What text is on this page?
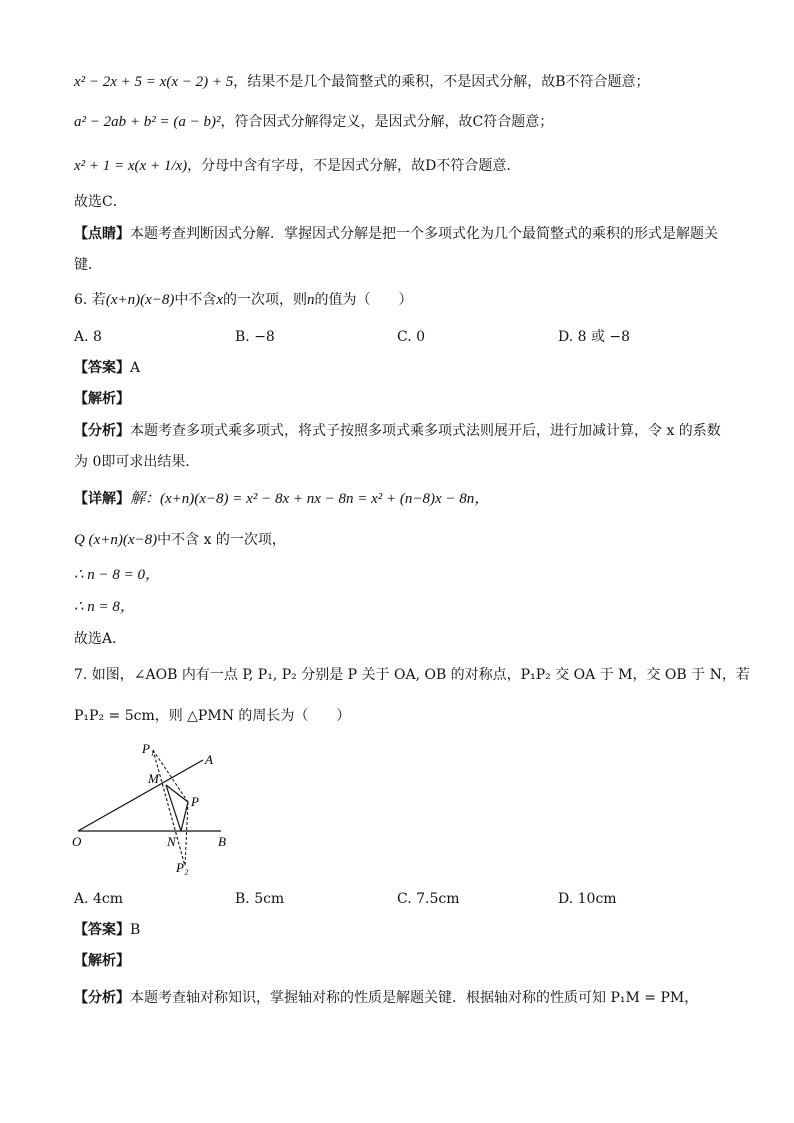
x² − 2x + 5 = x(x − 2) + 5，结果不是几个最简整式的乘积，不是因式分解，故B不符合题意；
a² − 2ab + b² = (a − b)²，符合因式分解得定义，是因式分解，故C符合题意；
x² + 1 = x(x + 1/x)，分母中含有字母，不是因式分解，故D不符合题意．
故选C．
【点睛】本题考查判断因式分解．掌握因式分解是把一个多项式化为几个最简整式的乘积的形式是解题关
键．
6. 若(x+n)(x−8)中不含x的一次项，则n的值为（　　）
A. 8	B. −8	C. 0	D. 8 或 −8
【答案】A
【解析】
【分析】本题考查多项式乘多项式，将式子按照多项式乘多项式法则展开后，进行加减计算，令 x 的系数
为 0即可求出结果．
【详解】解：(x+n)(x−8) = x² − 8x + nx − 8n = x² + (n−8)x − 8n，
Q (x+n)(x−8)中不含 x 的一次项，
∴ n − 8 = 0，
∴ n = 8，
故选A．
7. 如图，∠AOB 内有一点 P, P₁, P₂ 分别是 P 关于 OA, OB 的对称点，P₁P₂ 交 OA 于 M，交 OB 于 N，若
P₁P₂ = 5cm，则 △PMN 的周长为（　　）
P₁
A
M
P
O	N	B
P₂
A. 4cm	B. 5cm	C. 7.5cm	D. 10cm
【答案】B
【解析】
【分析】本题考查轴对称知识，掌握轴对称的性质是解题关键．根据轴对称的性质可知 P₁M = PM，
